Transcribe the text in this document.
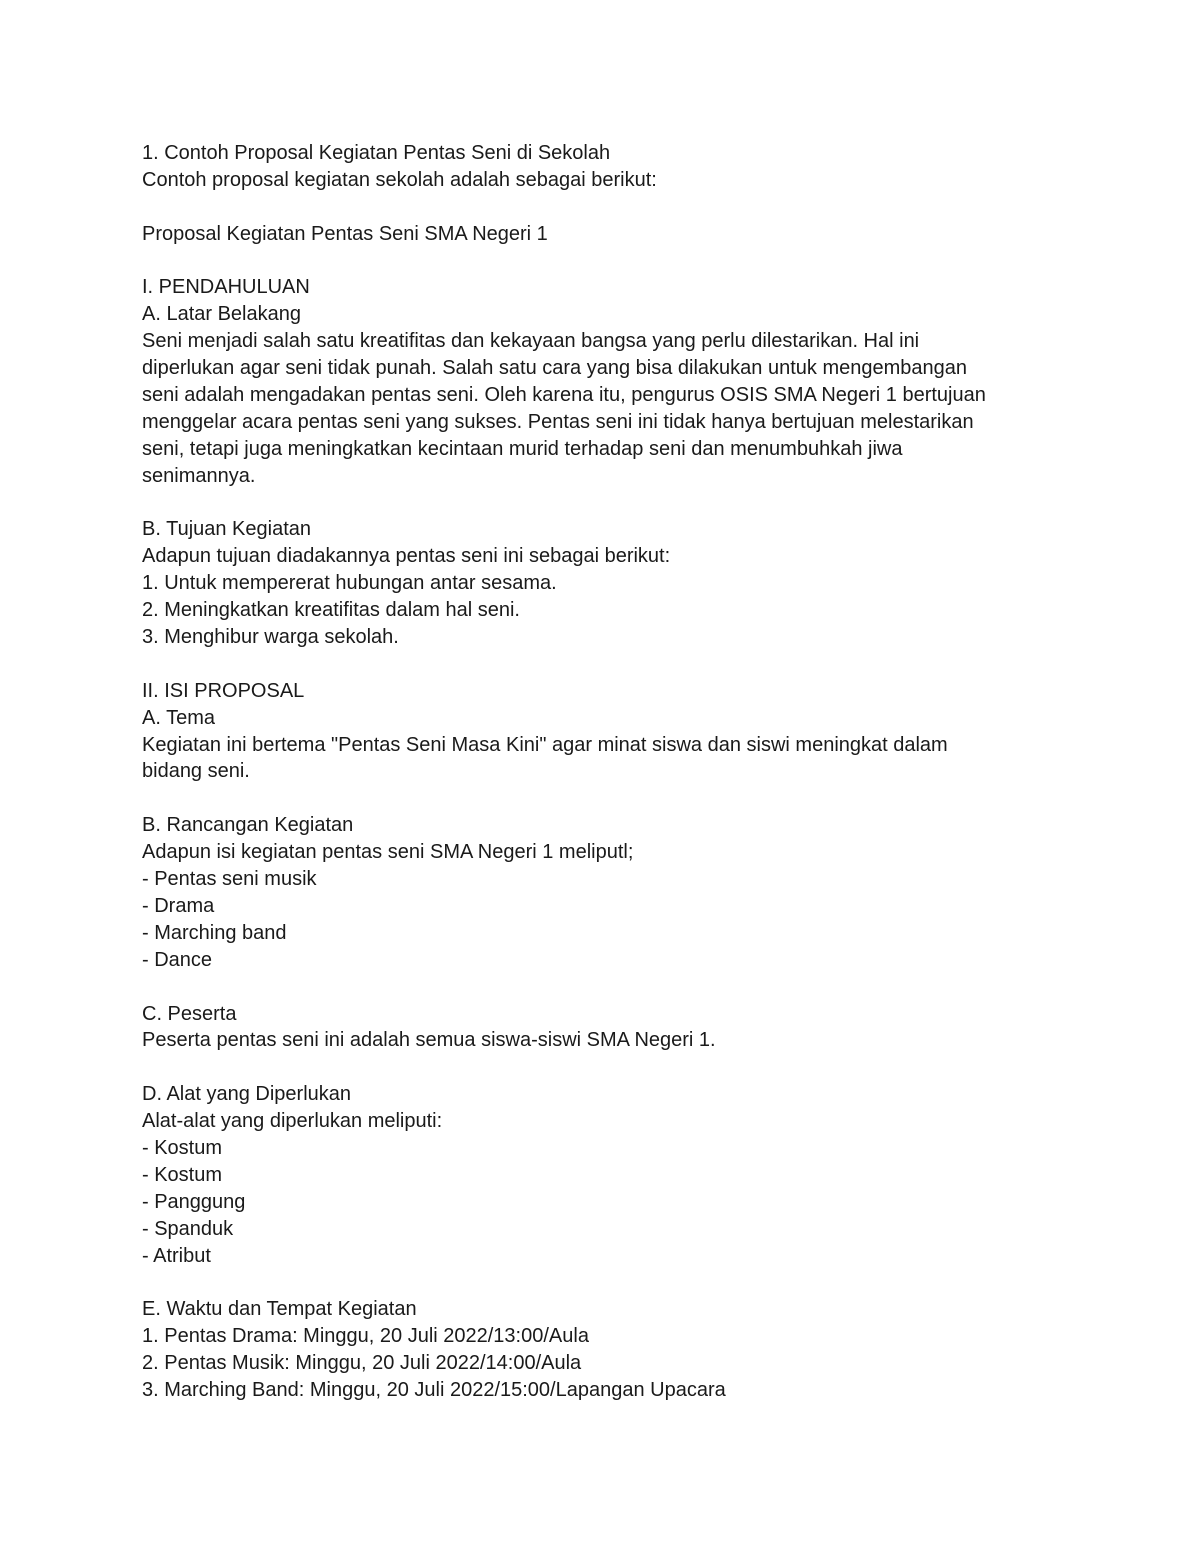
1. Contoh Proposal Kegiatan Pentas Seni di Sekolah
Contoh proposal kegiatan sekolah adalah sebagai berikut:
Proposal Kegiatan Pentas Seni SMA Negeri 1
I. PENDAHULUAN
A. Latar Belakang
Seni menjadi salah satu kreatifitas dan kekayaan bangsa yang perlu dilestarikan. Hal ini
diperlukan agar seni tidak punah. Salah satu cara yang bisa dilakukan untuk mengembangan
seni adalah mengadakan pentas seni. Oleh karena itu, pengurus OSIS SMA Negeri 1 bertujuan
menggelar acara pentas seni yang sukses. Pentas seni ini tidak hanya bertujuan melestarikan
seni, tetapi juga meningkatkan kecintaan murid terhadap seni dan menumbuhkah jiwa
senimannya.
B. Tujuan Kegiatan
Adapun tujuan diadakannya pentas seni ini sebagai berikut:
1. Untuk mempererat hubungan antar sesama.
2. Meningkatkan kreatifitas dalam hal seni.
3. Menghibur warga sekolah.
II. ISI PROPOSAL
A. Tema
Kegiatan ini bertema "Pentas Seni Masa Kini" agar minat siswa dan siswi meningkat dalam
bidang seni.
B. Rancangan Kegiatan
Adapun isi kegiatan pentas seni SMA Negeri 1 meliputl;
- Pentas seni musik
- Drama
- Marching band
- Dance
C. Peserta
Peserta pentas seni ini adalah semua siswa-siswi SMA Negeri 1.
D. Alat yang Diperlukan
Alat-alat yang diperlukan meliputi:
- Kostum
- Kostum
- Panggung
- Spanduk
- Atribut
E. Waktu dan Tempat Kegiatan
1. Pentas Drama: Minggu, 20 Juli 2022/13:00/Aula
2. Pentas Musik: Minggu, 20 Juli 2022/14:00/Aula
3. Marching Band: Minggu, 20 Juli 2022/15:00/Lapangan Upacara
